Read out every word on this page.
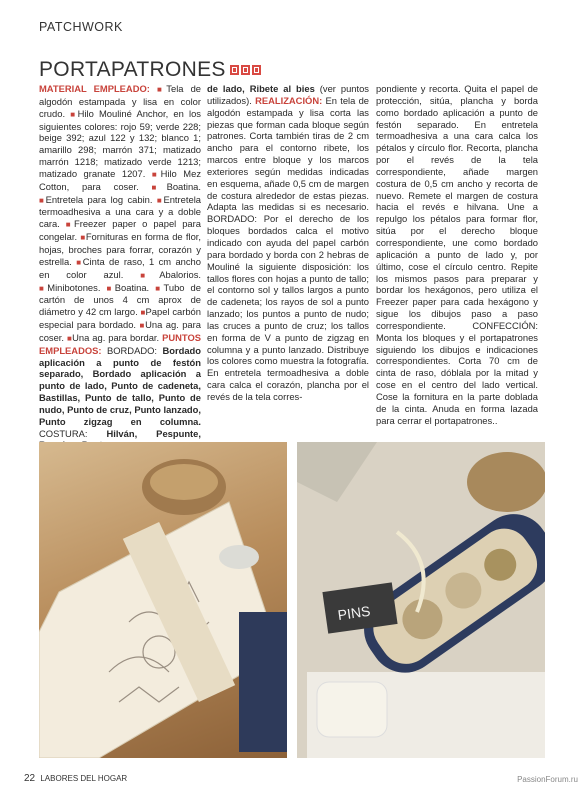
PATCHWORK
PORTAPATRONES
MATERIAL EMPLEADO: ■Tela de algodón estampada y lisa en color crudo. ■Hilo Mouliné Anchor, en los siguientes colores: rojo 59; verde 228; beige 392; azul 122 y 132; blanco 1; amarillo 298; marrón 371; matizado marrón 1218; matizado verde 1213; matizado granate 1207. ■Hilo Mez Cotton, para coser. ■Boatina. ■Entretela para log cabin. ■Entretela termoadhesiva a una cara y a doble cara. ■Freezer paper o papel para congelar. ■Fornituras en forma de flor, hojas, broches para forrar, corazón y estrella. ■Cinta de raso, 1 cm ancho en color azul. ■Abalorios. ■Minibotones. ■Boatina. ■Tubo de cartón de unos 4 cm aprox de diámetro y 42 cm largo. ■Papel carbón especial para bordado. ■Una ag. para coser. ■Una ag. para bordar. PUNTOS EMPLEADOS: BORDADO: Bordado aplicación a punto de festón separado, Bordado aplicación a punto de lado, Punto de cadeneta, Bastillas, Punto de tallo, Punto de nudo, Punto de cruz, Punto lanzado, Punto zigzag en columna. COSTURA: Hilván, Pespunte,
de lado, Ribete al bies (ver puntos utilizados). REALIZACIÓN: En tela de algodón estampada y lisa corta las piezas que forman cada bloque según patrones. Corta también tiras de 2 cm ancho para el contorno ribete, los marcos entre bloque y los marcos exteriores según medidas indicadas en esquema, añade 0,5 cm de margen de costura alrededor de estas piezas. Adapta las medidas si es necesario. BORDADO: Por el derecho de los bloques bordados calca el motivo indicado con ayuda del papel carbón para bordado y borda con 2 hebras de Mouliné la siguiente disposición: los tallos flores con hojas a punto de tallo; el contorno sol y tallos largos a punto de cadeneta; los rayos de sol a punto lanzado; los puntos a punto de nudo; las cruces a punto de cruz; los tallos en forma de V a punto de zigzag en columna y a punto lanzado. Distribuye los colores como muestra la fotografía. En entretela termoadhesiva a doble cara calca el corazón, plancha por el revés de la tela corres-
pondiente y recorta. Quita el papel de protección, sitúa, plancha y borda como bordado aplicación a punto de festón separado. En entretela termoadhesiva a una cara calca los pétalos y círculo flor. Recorta, plancha por el revés de la tela correspondiente, añade margen costura de 0,5 cm ancho y recorta de nuevo. Remete el margen de costura hacia el revés e hilvana. Une a repulgo los pétalos para formar flor, sitúa por el derecho bloque correspondiente, une como bordado aplicación a punto de lado y, por último, cose el círculo centro. Repite los mismos pasos para preparar y bordar los hexágonos, pero utiliza el Freezer paper para cada hexágono y sigue los dibujos paso a paso correspondiente. CONFECCIÓN: Monta los bloques y el portapatrones siguiendo los dibujos e indicaciones correspondientes. Corta 70 cm de cinta de raso, dóblala por la mitad y cose en el centro del lado vertical. Cose la fornitura en la parte doblada de la cinta. Anuda en forma lazada para cerrar el portapatrones..
PINS
22 LABORES DEL HOGAR	PassionForum.ru
